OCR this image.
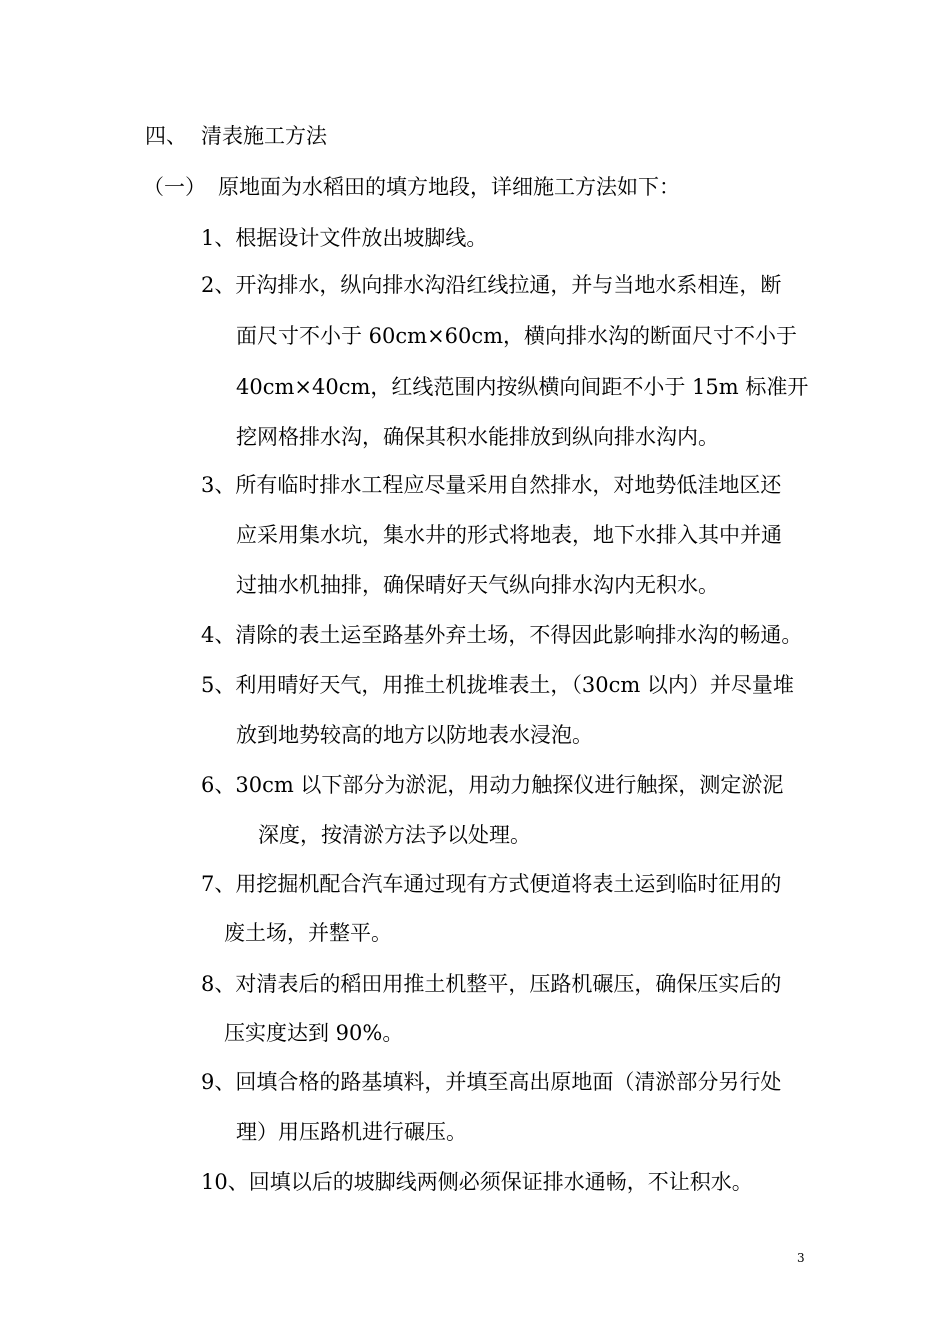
四、 清表施工方法
（一） 原地面为水稻田的填方地段，详细施工方法如下：
1、根据设计文件放出坡脚线。
2、开沟排水，纵向排水沟沿红线拉通，并与当地水系相连，断
面尺寸不小于 60cm×60cm，横向排水沟的断面尺寸不小于
40cm×40cm，红线范围内按纵横向间距不小于 15m 标准开
挖网格排水沟，确保其积水能排放到纵向排水沟内。
3、所有临时排水工程应尽量采用自然排水，对地势低洼地区还
应采用集水坑，集水井的形式将地表，地下水排入其中并通
过抽水机抽排，确保晴好天气纵向排水沟内无积水。
4、清除的表土运至路基外弃土场，不得因此影响排水沟的畅通。
5、利用晴好天气，用推土机拢堆表土，（30cm 以内）并尽量堆
放到地势较高的地方以防地表水浸泡。
6、30cm 以下部分为淤泥，用动力触探仪进行触探，测定淤泥
深度，按清淤方法予以处理。
7、用挖掘机配合汽车通过现有方式便道将表土运到临时征用的
废土场，并整平。
8、对清表后的稻田用推土机整平，压路机碾压，确保压实后的
压实度达到 90%。
9、回填合格的路基填料，并填至高出原地面（清淤部分另行处
理）用压路机进行碾压。
10、回填以后的坡脚线两侧必须保证排水通畅，不让积水。
3
